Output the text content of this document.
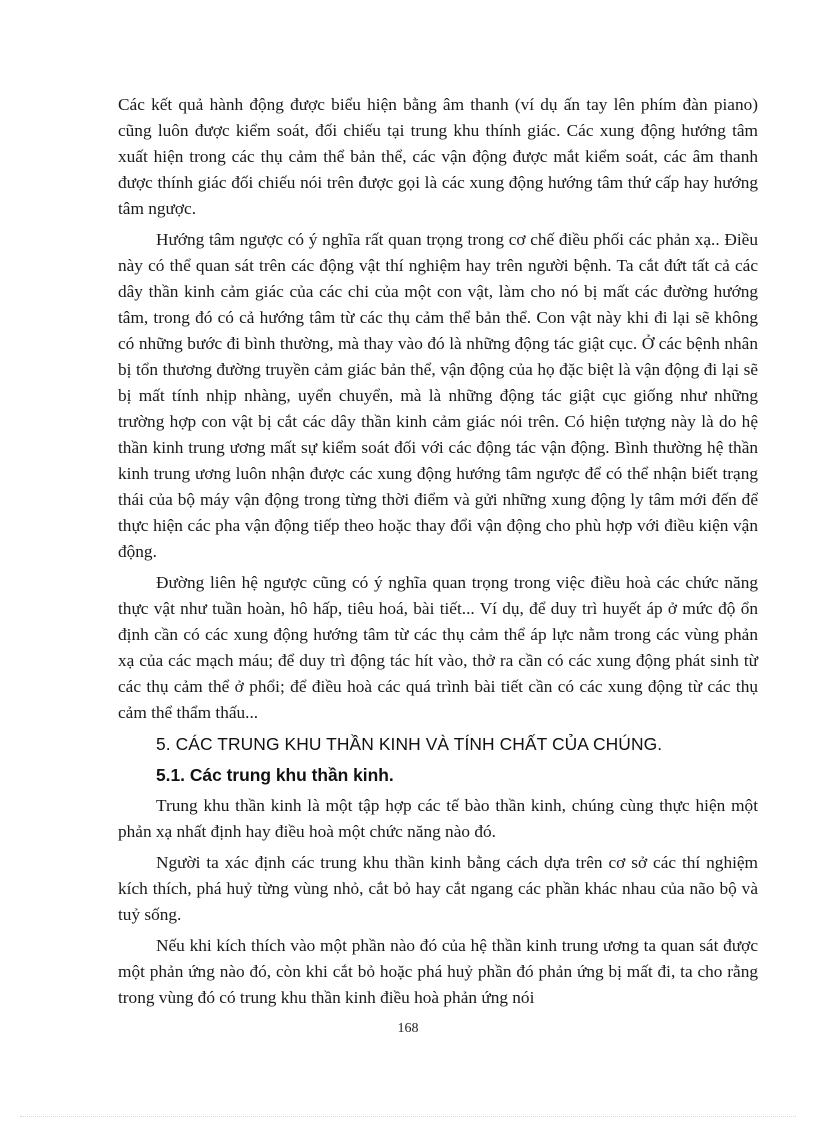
Các kết quả hành động được biểu hiện bằng âm thanh (ví dụ ấn tay lên phím đàn piano) cũng luôn được kiểm soát, đối chiếu tại trung khu thính giác. Các xung động hướng tâm xuất hiện trong các thụ cảm thể bản thể, các vận động được mắt kiểm soát, các âm thanh được thính giác đối chiếu nói trên được gọi là các xung động hướng tâm thứ cấp hay hướng tâm ngược.

Hướng tâm ngược có ý nghĩa rất quan trọng trong cơ chế điều phối các phản xạ.. Điều này có thể quan sát trên các động vật thí nghiệm hay trên người bệnh. Ta cắt đứt tất cả các dây thần kinh cảm giác của các chi của một con vật, làm cho nó bị mất các đường hướng tâm, trong đó có cả hướng tâm từ các thụ cảm thể bản thể. Con vật này khi đi lại sẽ không có những bước đi bình thường, mà thay vào đó là những động tác giật cục. Ở các bệnh nhân bị tổn thương đường truyền cảm giác bản thể, vận động của họ đặc biệt là vận động đi lại sẽ bị mất tính nhịp nhàng, uyển chuyển, mà là những động tác giật cục giống như những trường hợp con vật bị cắt các dây thần kinh cảm giác nói trên. Có hiện tượng này là do hệ thần kinh trung ương mất sự kiểm soát đối với các động tác vận động. Bình thường hệ thần kinh trung ương luôn nhận được các xung động hướng tâm ngược để có thể nhận biết trạng thái của bộ máy vận động trong từng thời điểm và gửi những xung động ly tâm mới đến để thực hiện các pha vận động tiếp theo hoặc thay đổi vận động cho phù hợp với điều kiện vận động.

Đường liên hệ ngược cũng có ý nghĩa quan trọng trong việc điều hoà các chức năng thực vật như tuần hoàn, hô hấp, tiêu hoá, bài tiết... Ví dụ, để duy trì huyết áp ở mức độ ổn định cần có các xung động hướng tâm từ các thụ cảm thể áp lực nằm trong các vùng phản xạ của các mạch máu; để duy trì động tác hít vào, thở ra cần có các xung động phát sinh từ các thụ cảm thể ở phổi; để điều hoà các quá trình bài tiết cần có các xung động từ các thụ cảm thể thẩm thấu...

5. CÁC TRUNG KHU THẦN KINH VÀ TÍNH CHẤT CỦA CHÚNG.
5.1. Các trung khu thần kinh.

Trung khu thần kinh là một tập hợp các tế bào thần kinh, chúng cùng thực hiện một phản xạ nhất định hay điều hoà một chức năng nào đó.

Người ta xác định các trung khu thần kinh bằng cách dựa trên cơ sở các thí nghiệm kích thích, phá huỷ từng vùng nhỏ, cắt bỏ hay cắt ngang các phần khác nhau của não bộ và tuỷ sống.

Nếu khi kích thích vào một phần nào đó của hệ thần kinh trung ương ta quan sát được một phản ứng nào đó, còn khi cắt bỏ hoặc phá huỷ phần đó phản ứng bị mất đi, ta cho rằng trong vùng đó có trung khu thần kinh điều hoà phản ứng nói

168
